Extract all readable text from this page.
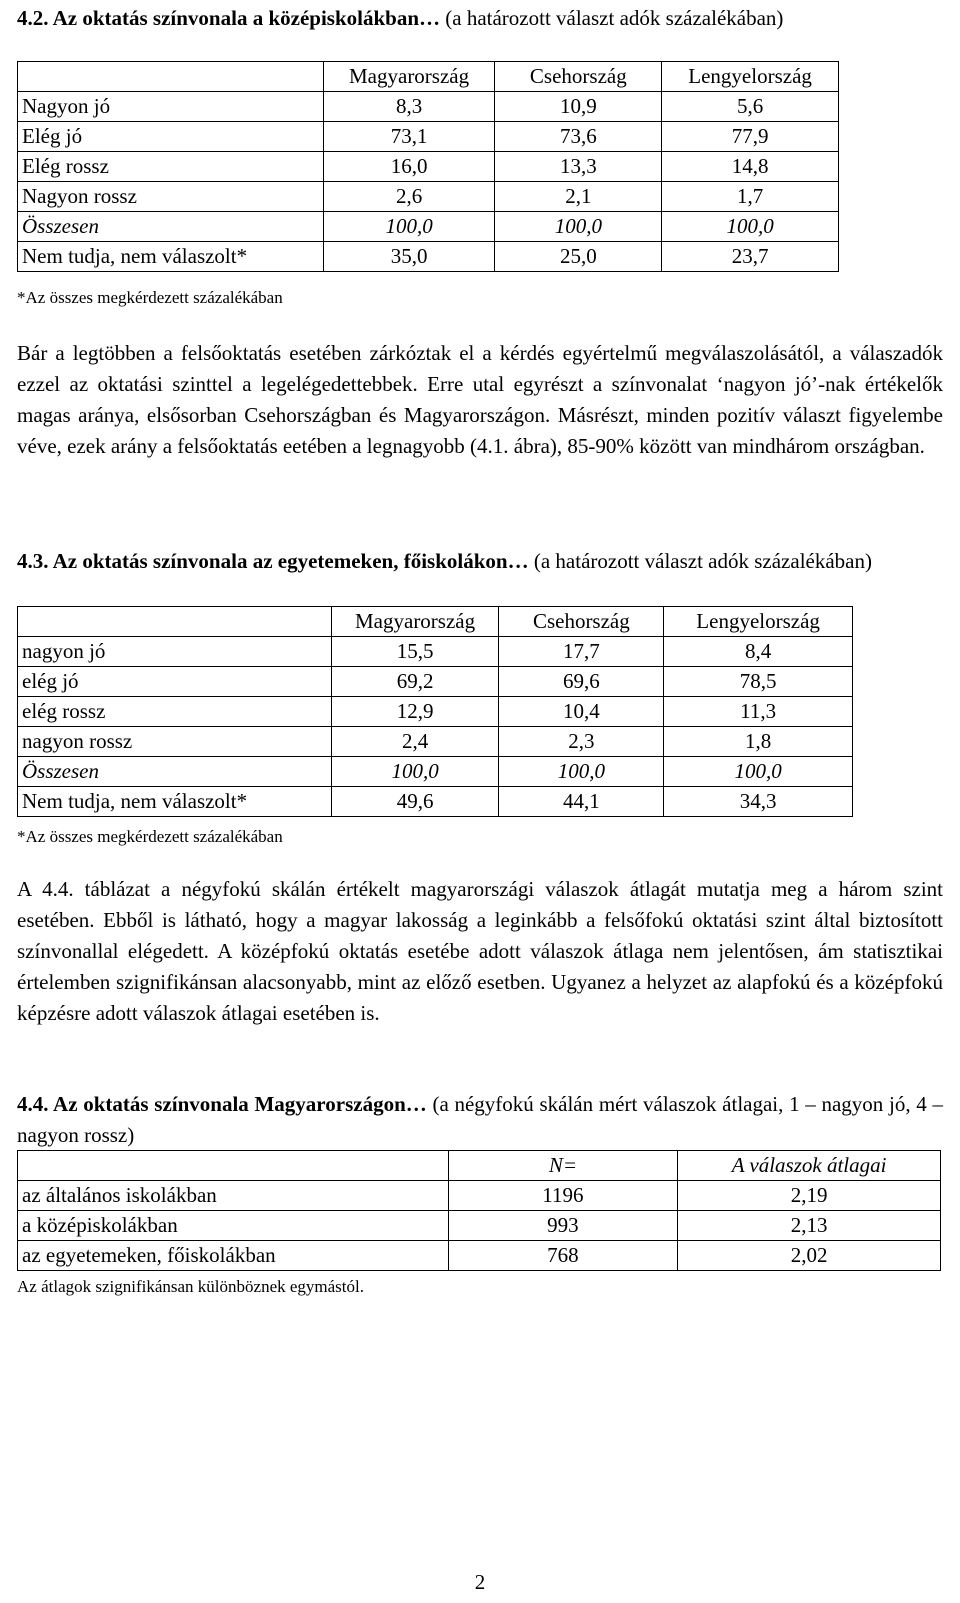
4.2. Az oktatás színvonala a középiskolákban… (a határozott választ adók százalékában)

	Magyarország	Csehország	Lengyelország
Nagyon jó	8,3	10,9	5,6
Elég jó	73,1	73,6	77,9
Elég rossz	16,0	13,3	14,8
Nagyon rossz	2,6	2,1	1,7
Összesen	100,0	100,0	100,0
Nem tudja, nem válaszolt*	35,0	25,0	23,7

*Az összes megkérdezett százalékában

Bár a legtöbben a felsőoktatás esetében zárkóztak el a kérdés egyértelmű megválaszolásától, a válaszadók ezzel az oktatási szinttel a legelégedettebbek. Erre utal egyrészt a színvonalat ‘nagyon jó’-nak értékelők magas aránya, elsősorban Csehországban és Magyarországon. Másrészt, minden pozitív választ figyelembe véve, ezek arány a felsőoktatás eetében a legnagyobb (4.1. ábra), 85-90% között van mindhárom országban.

4.3. Az oktatás színvonala az egyetemeken, főiskolákon… (a határozott választ adók százalékában)

	Magyarország	Csehország	Lengyelország
nagyon jó	15,5	17,7	8,4
elég jó	69,2	69,6	78,5
elég rossz	12,9	10,4	11,3
nagyon rossz	2,4	2,3	1,8
Összesen	100,0	100,0	100,0
Nem tudja, nem válaszolt*	49,6	44,1	34,3

*Az összes megkérdezett százalékában

A 4.4. táblázat a négyfokú skálán értékelt magyarországi válaszok átlagát mutatja meg a három szint esetében. Ebből is látható, hogy a magyar lakosság a leginkább a felsőfokú oktatási szint által biztosított színvonallal elégedett. A középfokú oktatás esetébe adott válaszok átlaga nem jelentősen, ám statisztikai értelemben szignifikánsan alacsonyabb, mint az előző esetben. Ugyanez a helyzet az alapfokú és a középfokú képzésre adott válaszok átlagai esetében is.

4.4. Az oktatás színvonala Magyarországon… (a négyfokú skálán mért válaszok átlagai, 1 – nagyon jó, 4 – nagyon rossz)

	N=	A válaszok átlagai
az általános iskolákban	1196	2,19
a középiskolákban	993	2,13
az egyetemeken, főiskolákban	768	2,02

Az átlagok szignifikánsan különböznek egymástól.

2
